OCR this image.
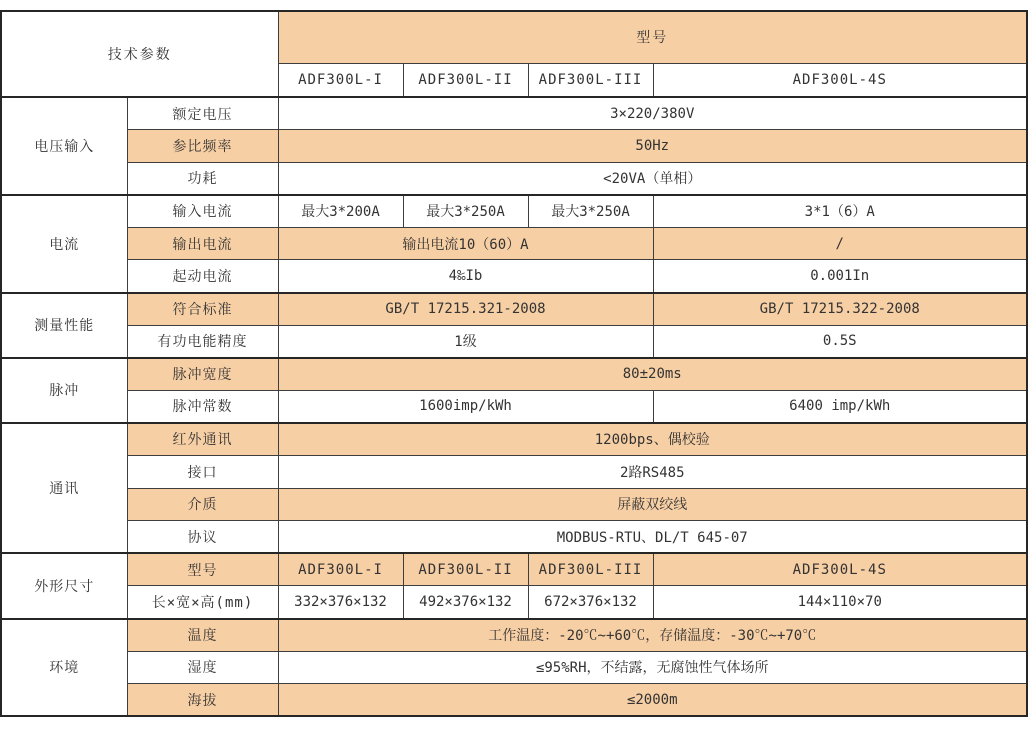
技术参数		型号			
		ADF300L-I	ADF300L-II	ADF300L-III	ADF300L-4S
电压输入	额定电压	3×220/380V			
	参比频率	50Hz			
	功耗	<20VA（单相）			
电流	输入电流	最大3*200A	最大3*250A	最大3*250A	3*1（6）A
	输出电流	输出电流10（60）A			/
	起动电流	4‰Ib			0.001In
测量性能	符合标准	GB/T 17215.321-2008			GB/T 17215.322-2008
	有功电能精度	1级			0.5S
脉冲	脉冲宽度	80±20ms			
	脉冲常数	1600imp/kWh			6400 imp/kWh
通讯	红外通讯	1200bps、偶校验			
	接口	2路RS485			
	介质	屏蔽双绞线			
	协议	MODBUS-RTU、DL/T 645-07			
外形尺寸	型号	ADF300L-I	ADF300L-II	ADF300L-III	ADF300L-4S
	长×宽×高(mm)	332×376×132	492×376×132	672×376×132	144×110×70
环境	温度	工作温度：-20℃~+60℃，存储温度：-30℃~+70℃			
	湿度	≤95%RH，不结露，无腐蚀性气体场所			
	海拔	≤2000m			
